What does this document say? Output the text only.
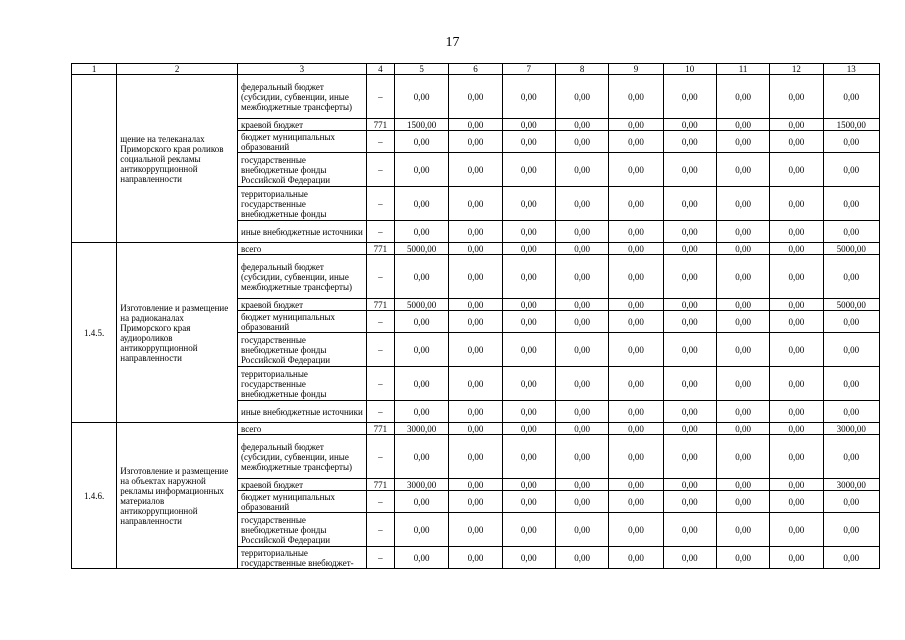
17
1	2	3	4	5	6	7	8	9	10	11	12	13
	щение на телеканалах Приморского края роликов социальной рекламы антикоррупционной направленности	федеральный бюджет (субсидии, субвенции, иные межбюджетные трансферты)	–	0,00	0,00	0,00	0,00	0,00	0,00	0,00	0,00	0,00
		краевой бюджет	771	1500,00	0,00	0,00	0,00	0,00	0,00	0,00	0,00	1500,00
		бюджет муниципальных образований	–	0,00	0,00	0,00	0,00	0,00	0,00	0,00	0,00	0,00
		государственные внебюджетные фонды Российской Федерации	–	0,00	0,00	0,00	0,00	0,00	0,00	0,00	0,00	0,00
		территориальные государственные внебюджетные фонды	–	0,00	0,00	0,00	0,00	0,00	0,00	0,00	0,00	0,00
		иные внебюджетные источники	–	0,00	0,00	0,00	0,00	0,00	0,00	0,00	0,00	0,00
1.4.5.	Изготовление и размещение на радиоканалах Приморского края аудиороликов антикоррупционной направленности	всего	771	5000,00	0,00	0,00	0,00	0,00	0,00	0,00	0,00	5000,00
		федеральный бюджет (субсидии, субвенции, иные межбюджетные трансферты)	–	0,00	0,00	0,00	0,00	0,00	0,00	0,00	0,00	0,00
		краевой бюджет	771	5000,00	0,00	0,00	0,00	0,00	0,00	0,00	0,00	5000,00
		бюджет муниципальных образований	–	0,00	0,00	0,00	0,00	0,00	0,00	0,00	0,00	0,00
		государственные внебюджетные фонды Российской Федерации	–	0,00	0,00	0,00	0,00	0,00	0,00	0,00	0,00	0,00
		территориальные государственные внебюджетные фонды	–	0,00	0,00	0,00	0,00	0,00	0,00	0,00	0,00	0,00
		иные внебюджетные источники	–	0,00	0,00	0,00	0,00	0,00	0,00	0,00	0,00	0,00
1.4.6.	Изготовление и размещение на объектах наружной рекламы информационных материалов антикоррупционной направленности	всего	771	3000,00	0,00	0,00	0,00	0,00	0,00	0,00	0,00	3000,00
		федеральный бюджет (субсидии, субвенции, иные межбюджетные трансферты)	–	0,00	0,00	0,00	0,00	0,00	0,00	0,00	0,00	0,00
		краевой бюджет	771	3000,00	0,00	0,00	0,00	0,00	0,00	0,00	0,00	3000,00
		бюджет муниципальных образований	–	0,00	0,00	0,00	0,00	0,00	0,00	0,00	0,00	0,00
		государственные внебюджетные фонды Российской Федерации	–	0,00	0,00	0,00	0,00	0,00	0,00	0,00	0,00	0,00
		территориальные государственные внебюджет-	–	0,00	0,00	0,00	0,00	0,00	0,00	0,00	0,00	0,00
